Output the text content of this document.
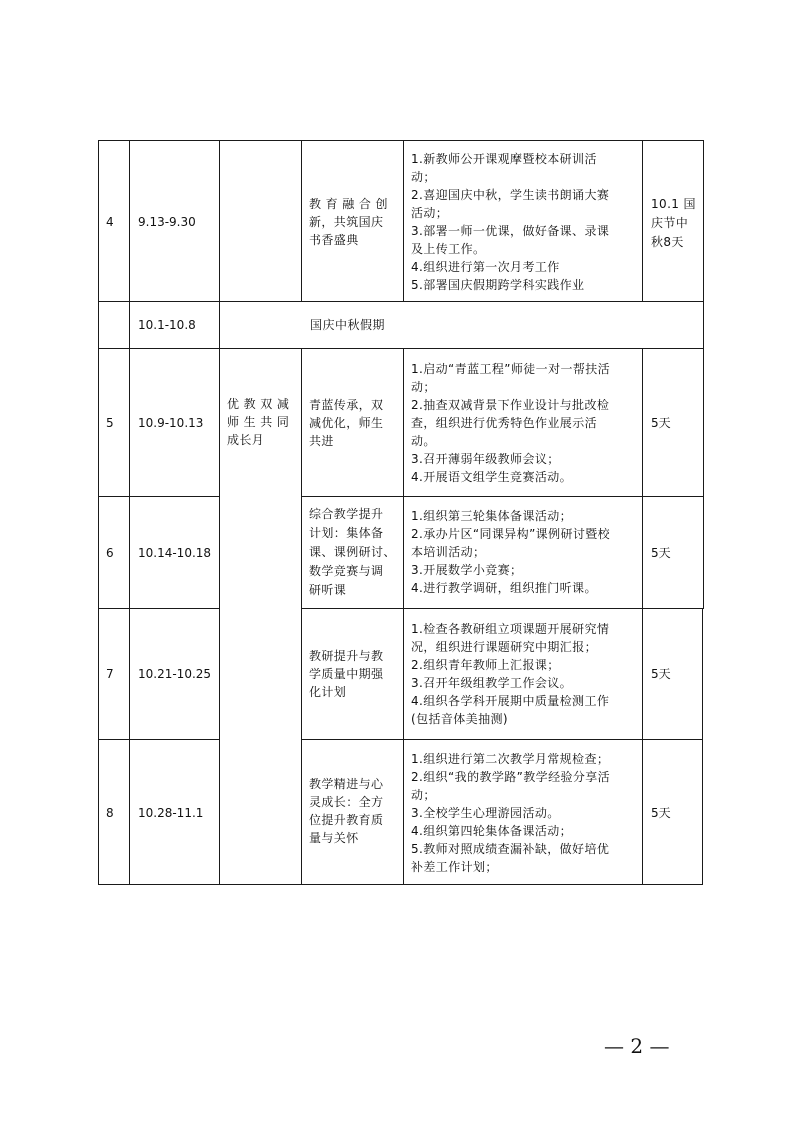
4 9.13-9.30
教 育 融 合 创
新，共筑国庆
书香盛典
1.新教师公开课观摩暨校本研训活
动；
2.喜迎国庆中秋，学生读书朗诵大赛
活动；
3.部署一师一优课，做好备课、录课
及上传工作。
4.组织进行第一次月考工作
5.部署国庆假期跨学科实践作业
10.1 国
庆节中
秋8天
10.1-10.8	国庆中秋假期
优 教 双 减
师 生 共 同
成长月
5 10.9-10.13
青蓝传承，双
减优化，师生
共进
1.启动“青蓝工程”师徒一对一帮扶活
动；
2.抽查双减背景下作业设计与批改检
查，组织进行优秀特色作业展示活
动。
3.召开薄弱年级教师会议；
4.开展语文组学生竞赛活动。
5天
6 10.14-10.18
综合教学提升
计划：集体备
课、课例研讨、
数学竞赛与调
研听课
1.组织第三轮集体备课活动；
2.承办片区“同课异构”课例研讨暨校
本培训活动；
3.开展数学小竞赛；
4.进行教学调研，组织推门听课。
5天
7 10.21-10.25
教研提升与教
学质量中期强
化计划
1.检查各教研组立项课题开展研究情
况，组织进行课题研究中期汇报；
2.组织青年教师上汇报课；
3.召开年级组教学工作会议。
4.组织各学科开展期中质量检测工作
(包括音体美抽测)
5天
8 10.28-11.1
教学精进与心
灵成长：全方
位提升教育质
量与关怀
1.组织进行第二次教学月常规检查；
2.组织“我的教学路”教学经验分享活
动；
3.全校学生心理游园活动。
4.组织第四轮集体备课活动；
5.教师对照成绩查漏补缺，做好培优
补差工作计划；
5天
— 2 —
